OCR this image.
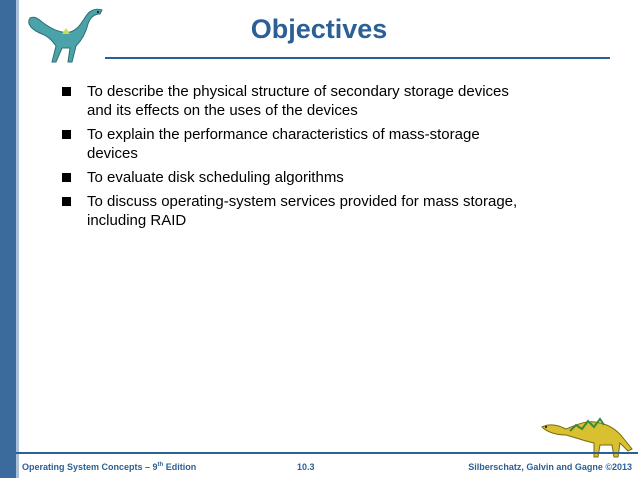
Objectives
To describe the physical structure of secondary storage devices
and its effects on the uses of the devices
To explain the performance characteristics of mass-storage
devices
To evaluate disk scheduling algorithms
To discuss operating-system services provided for mass storage,
including RAID
Operating System Concepts – 9th Edition	10.3	Silberschatz, Galvin and Gagne ©2013
